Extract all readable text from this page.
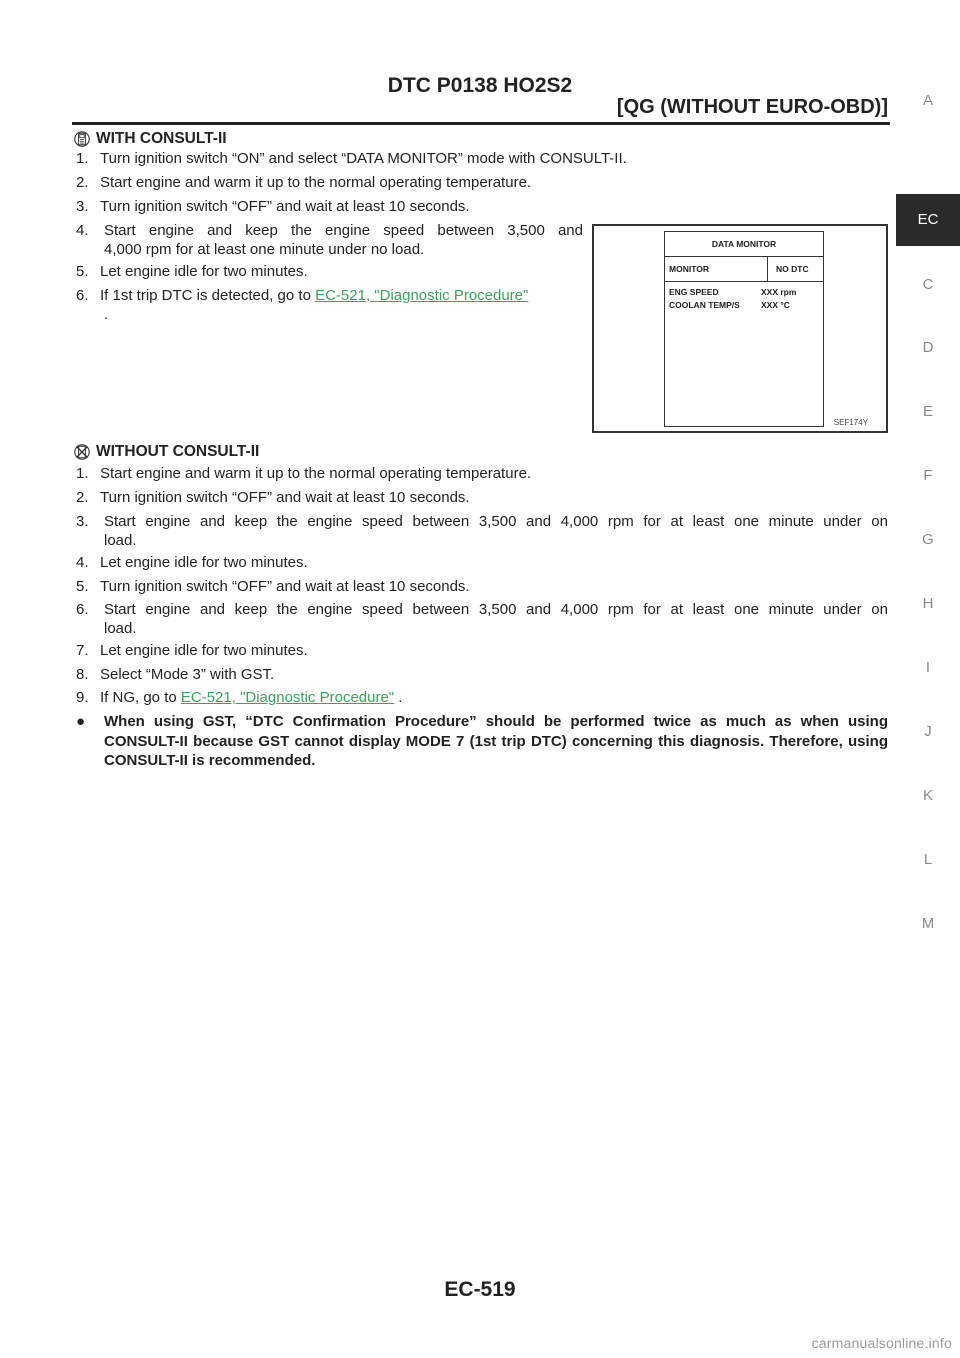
DTC P0138 HO2S2
[QG (WITHOUT EURO-OBD)]	A
EC
C
D
E
F
G
H
I
J
K
L
M
WITH CONSULT-II
1. Turn ignition switch “ON” and select “DATA MONITOR” mode with CONSULT-II.
2. Start engine and warm it up to the normal operating temperature.
3. Turn ignition switch “OFF” and wait at least 10 seconds.
4.	Start engine and keep the engine speed between 3,500 and
4,000 rpm for at least one minute under no load.
5. Let engine idle for two minutes.
6. If 1st trip DTC is detected, go to EC-521, "Diagnostic Procedure"
.
DATA MONITOR
MONITOR	NO DTC
ENG SPEED	XXX rpm
COOLAN TEMP/S XXX °C
SEF174Y
WITHOUT CONSULT-II
1. Start engine and warm it up to the normal operating temperature.
2. Turn ignition switch “OFF” and wait at least 10 seconds.
3.	Start engine and keep the engine speed between 3,500 and 4,000 rpm for at least one minute under on
load.
4. Let engine idle for two minutes.
5. Turn ignition switch “OFF” and wait at least 10 seconds.
6.	Start engine and keep the engine speed between 3,500 and 4,000 rpm for at least one minute under on
load.
7. Let engine idle for two minutes.
8. Select “Mode 3” with GST.
9. If NG, go to EC-521, "Diagnostic Procedure" .
● When using GST, “DTC Confirmation Procedure” should be performed twice as much as when using CONSULT-II because GST cannot display MODE 7 (1st trip DTC) concerning this diagnosis. Therefore, using CONSULT-II is recommended.
EC-519
carmanualsonline.info
